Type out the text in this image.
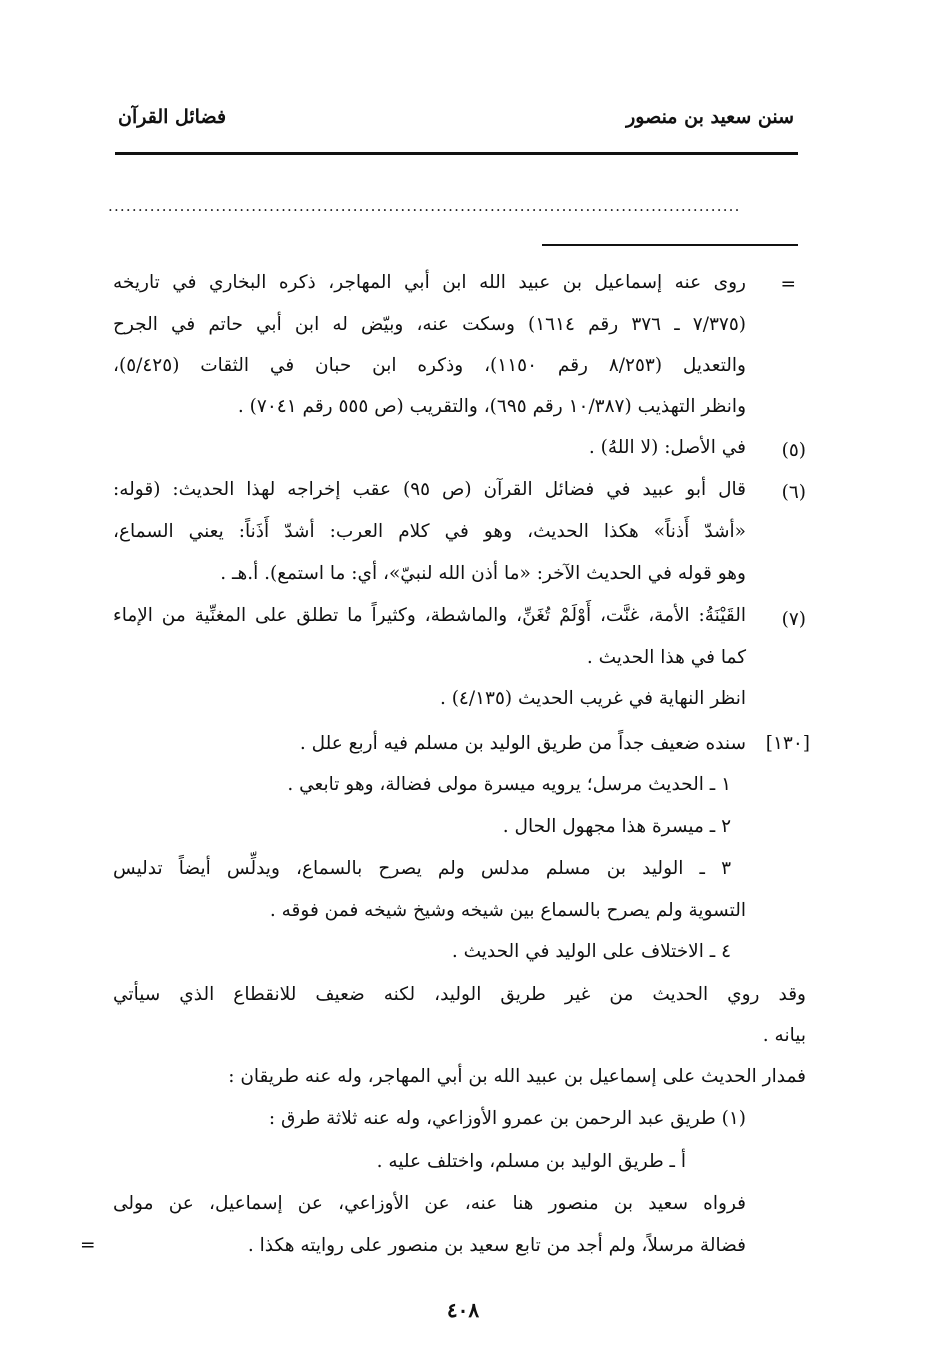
سنن سعيد بن منصور
فضائل القرآن
..........................................................................................................
=
روى عنه إسماعيل بن عبيد الله ابن أبي المهاجر، ذكره البخاري في تاريخه
(٧/٣٧٥ ـ ٣٧٦ رقم ١٦١٤) وسكت عنه، وبيّض له ابن أبي حاتم في الجرح
والتعديل (٨/٢٥٣ رقم ١١٥٠)، وذكره ابن حبان في الثقات (٥/٤٢٥)،
وانظر التهذيب (١٠/٣٨٧ رقم ٦٩٥)، والتقريب (ص ٥٥٥ رقم ٧٠٤١) .
(٥)
في الأصل: (لا اللهُ) .
(٦)
قال أبو عبيد في فضائل القرآن (ص ٩٥) عقب إخراجه لهذا الحديث: (قوله:
«أشدّ أَذناً» هكذا الحديث، وهو في كلام العرب: أشدّ أَذَناً: يعني السماع،
وهو قوله في الحديث الآخر: «ما أذن الله لنبيّ»، أي: ما استمع). أ.هـ .
(٧)
القَيْنَةُ: الأمة، غنَّت، أَوْلَمْ تُغَنِّ، والماشطة، وكثيراً ما تطلق على المغنِّية من الإماء
كما في هذا الحديث .
انظر النهاية في غريب الحديث (٤/١٣٥) .
[١٣٠]
سنده ضعيف جداً من طريق الوليد بن مسلم فيه أربع علل .
١ ـ الحديث مرسل؛ يرويه ميسرة مولى فضالة، وهو تابعي .
٢ ـ ميسرة هذا مجهول الحال .
٣ ـ الوليد بن مسلم مدلس ولم يصرح بالسماع، ويدلِّس أيضاً تدليس
التسوية ولم يصرح بالسماع بين شيخه وشيخ شيخه فمن فوقه .
٤ ـ الاختلاف على الوليد في الحديث .
وقد روي الحديث من غير طريق الوليد، لكنه ضعيف للانقطاع الذي سيأتي
بيانه .
فمدار الحديث على إسماعيل بن عبيد الله بن أبي المهاجر، وله عنه طريقان :
(١) طريق عبد الرحمن بن عمرو الأوزاعي، وله عنه ثلاثة طرق :
أ ـ طريق الوليد بن مسلم، واختلف عليه .
فرواه سعيد بن منصور هنا عنه، عن الأوزاعي، عن إسماعيل، عن مولى
فضالة مرسلاً، ولم أجد من تابع سعيد بن منصور على روايته هكذا .
=
٤٠٨
